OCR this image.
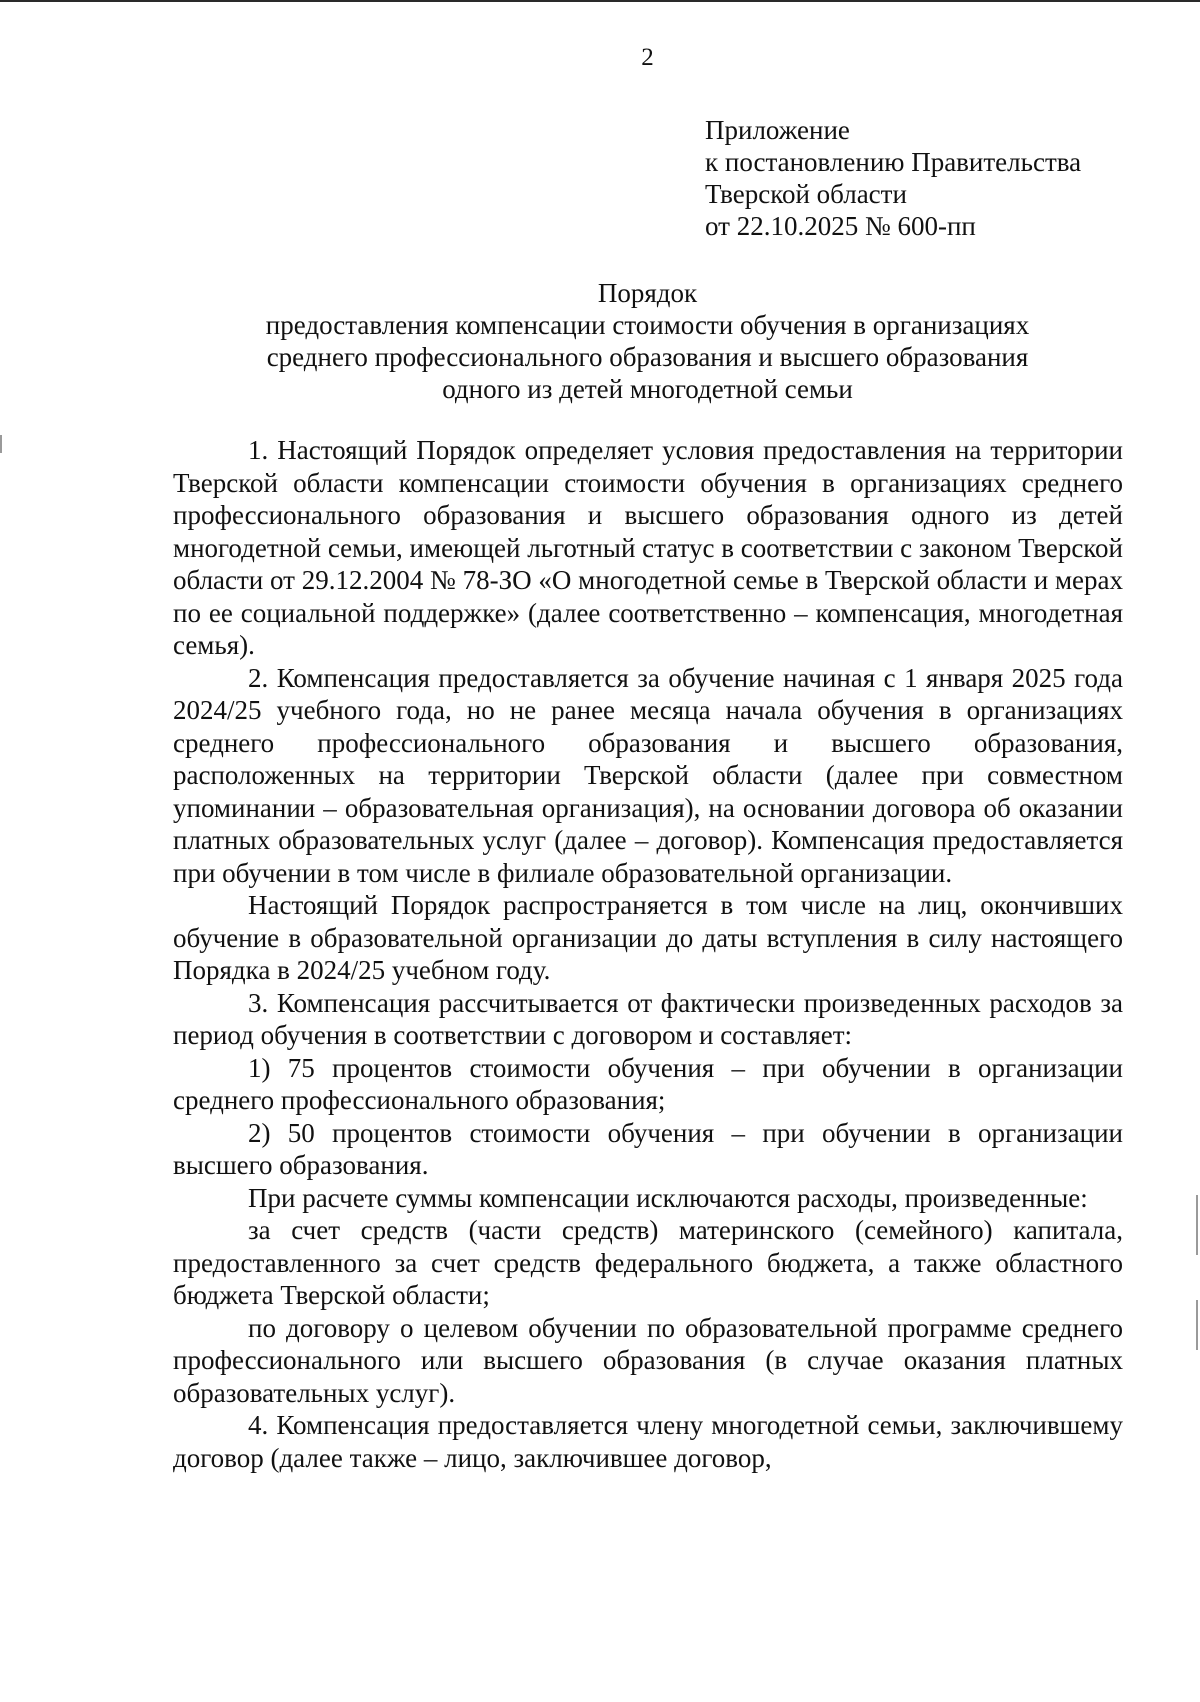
2
Приложение
к постановлению Правительства
Тверской области
от 22.10.2025 № 600-пп
Порядок
предоставления компенсации стоимости обучения в организациях
среднего профессионального образования и высшего образования
одного из детей многодетной семьи

1. Настоящий Порядок определяет условия предоставления на территории Тверской области компенсации стоимости обучения в организациях среднего профессионального образования и высшего образования одного из детей многодетной семьи, имеющей льготный статус в соответствии с законом Тверской области от 29.12.2004 № 78-ЗО «О многодетной семье в Тверской области и мерах по ее социальной поддержке» (далее соответственно – компенсация, многодетная семья).

2. Компенсация предоставляется за обучение начиная с 1 января 2025 года 2024/25 учебного года, но не ранее месяца начала обучения в организациях среднего профессионального образования и высшего образования, расположенных на территории Тверской области (далее при совместном упоминании – образовательная организация), на основании договора об оказании платных образовательных услуг (далее – договор). Компенсация предоставляется при обучении в том числе в филиале образовательной организации.

Настоящий Порядок распространяется в том числе на лиц, окончивших обучение в образовательной организации до даты вступления в силу настоящего Порядка в 2024/25 учебном году.

3. Компенсация рассчитывается от фактически произведенных расходов за период обучения в соответствии с договором и составляет:

1) 75 процентов стоимости обучения – при обучении в организации среднего профессионального образования;

2) 50 процентов стоимости обучения – при обучении в организации высшего образования.

При расчете суммы компенсации исключаются расходы, произведенные:

за счет средств (части средств) материнского (семейного) капитала, предоставленного за счет средств федерального бюджета, а также областного бюджета Тверской области;

по договору о целевом обучении по образовательной программе среднего профессионального или высшего образования (в случае оказания платных образовательных услуг).

4. Компенсация предоставляется члену многодетной семьи, заключившему договор (далее также – лицо, заключившее договор,
